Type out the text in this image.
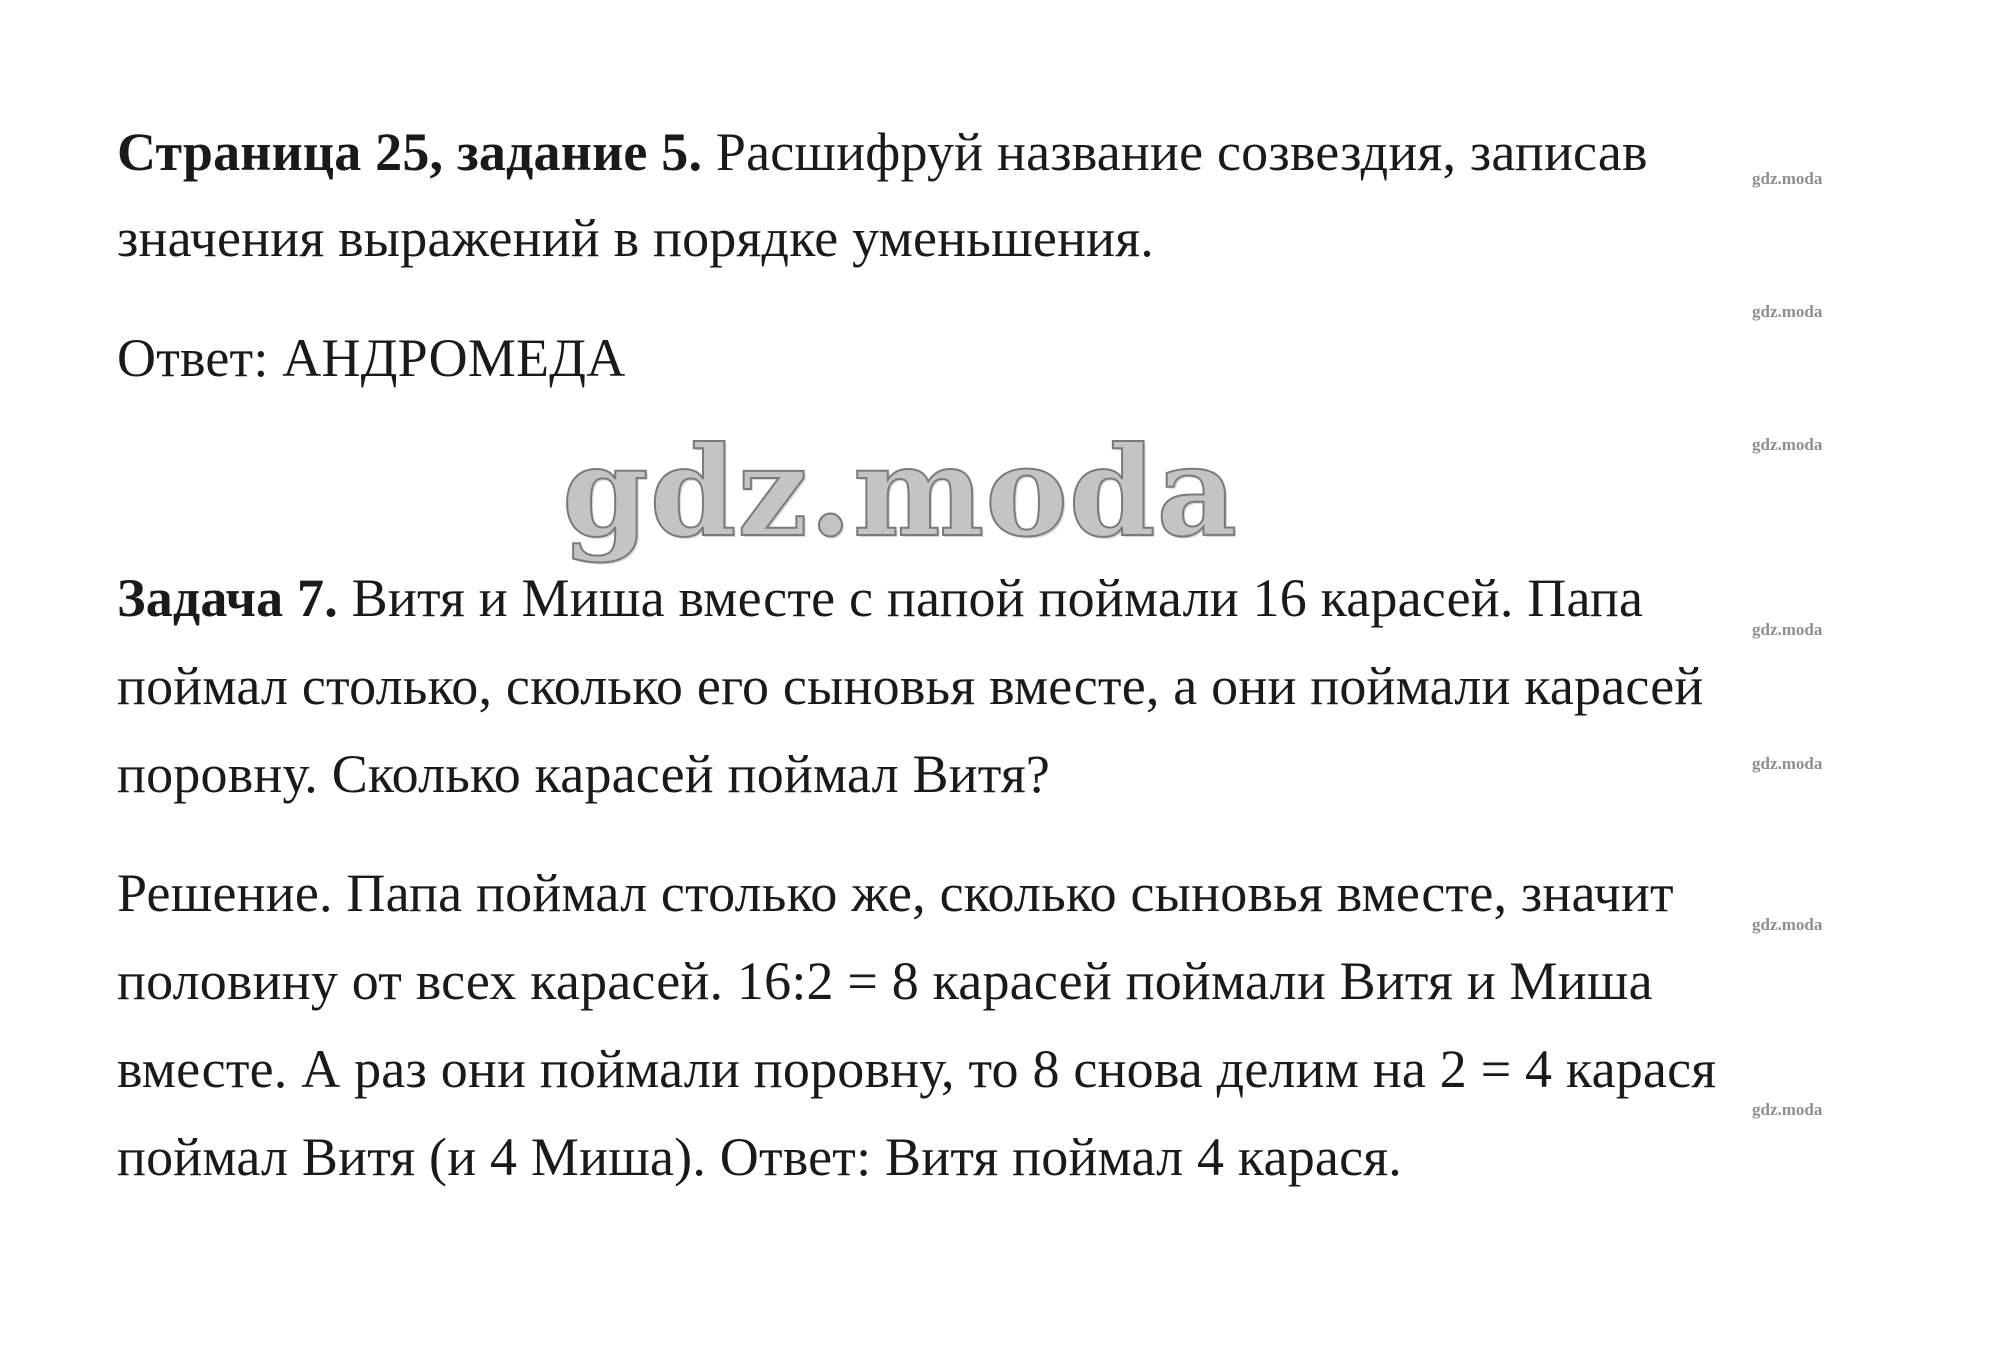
Страница 25, задание 5. Расшифруй название созвездия, записав
значения выражений в порядке уменьшения.
Ответ: АНДРОМЕДА
gdz.moda
Задача 7. Витя и Миша вместе с папой поймали 16 карасей. Папа
поймал столько, сколько его сыновья вместе, а они поймали карасей
поровну. Сколько карасей поймал Витя?
Решение. Папа поймал столько же, сколько сыновья вместе, значит
половину от всех карасей. 16:2 = 8 карасей поймали Витя и Миша
вместе. А раз они поймали поровну, то 8 снова делим на 2 = 4 карася
поймал Витя (и 4 Миша). Ответ: Витя поймал 4 карася.
gdz.moda
gdz.moda
gdz.moda
gdz.moda
gdz.moda
gdz.moda
gdz.moda
